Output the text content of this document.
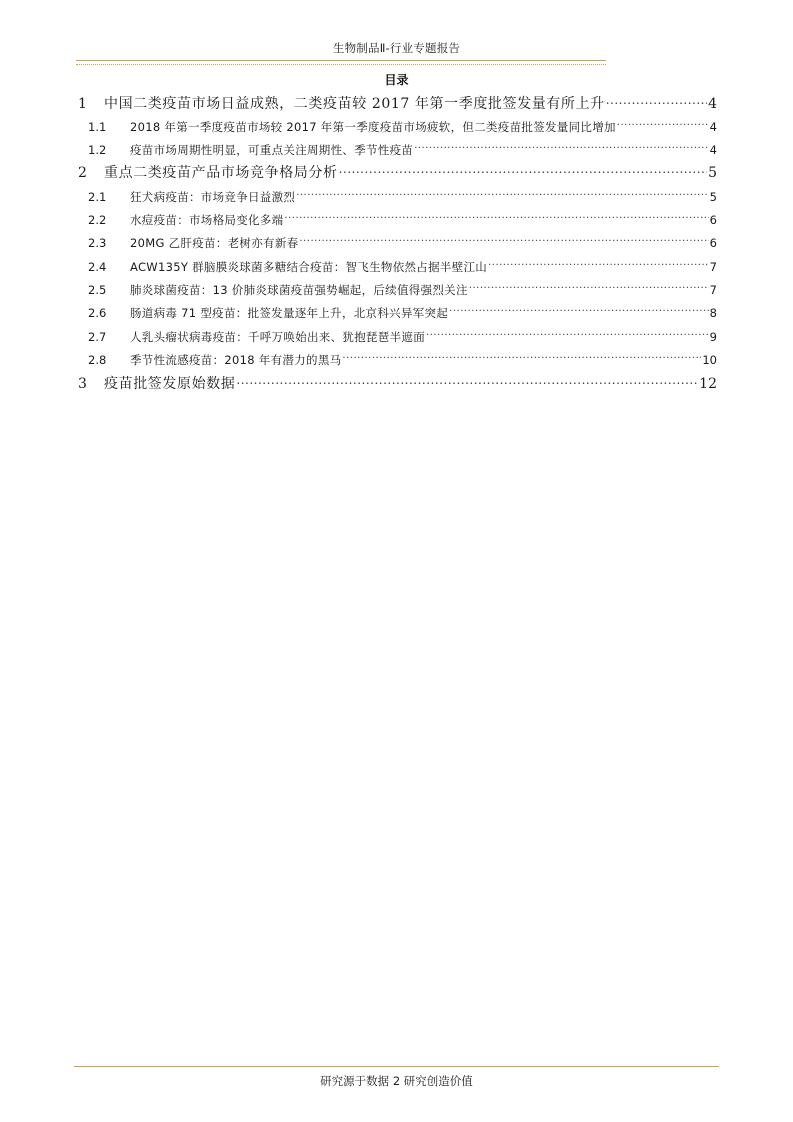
生物制品Ⅱ-行业专题报告
目录
1	中国二类疫苗市场日益成熟，二类疫苗较 2017 年第一季度批签发量有所上升 .....	4
1.1	2018 年第一季度疫苗市场较 2017 年第一季度疫苗市场疲软，但二类疫苗批签发量同比增加 .....	4
1.2	疫苗市场周期性明显，可重点关注周期性、季节性疫苗 .....	4
2	重点二类疫苗产品市场竞争格局分析 .....	5
2.1	狂犬病疫苗：市场竞争日益激烈 .....	5
2.2	水痘疫苗：市场格局变化多端 .....	6
2.3	20MG 乙肝疫苗：老树亦有新春 .....	6
2.4	ACW135Y 群脑膜炎球菌多糖结合疫苗：智飞生物依然占据半壁江山 .....	7
2.5	肺炎球菌疫苗：13 价肺炎球菌疫苗强势崛起，后续值得强烈关注 .....	7
2.6	肠道病毒 71 型疫苗：批签发量逐年上升，北京科兴异军突起 .....	8
2.7	人乳头瘤状病毒疫苗：千呼万唤始出来、犹抱琵琶半遮面 .....	9
2.8	季节性流感疫苗：2018 年有潜力的黑马 .....	10
3	疫苗批签发原始数据 .....	12
研究源于数据 2 研究创造价值
